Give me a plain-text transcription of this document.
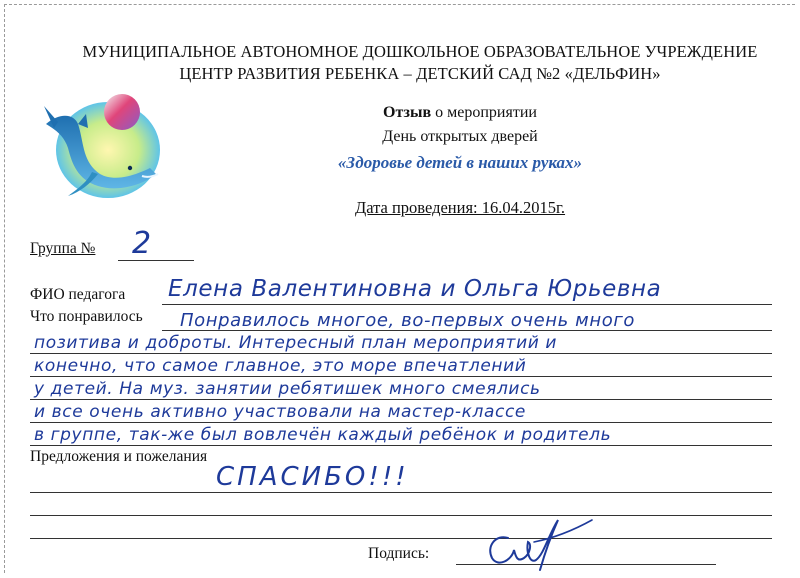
МУНИЦИПАЛЬНОЕ АВТОНОМНОЕ ДОШКОЛЬНОЕ ОБРАЗОВАТЕЛЬНОЕ УЧРЕЖДЕНИЕ
ЦЕНТР РАЗВИТИЯ РЕБЕНКА – ДЕТСКИЙ САД №2 «ДЕЛЬФИН»
Отзыв о мероприятии
День открытых дверей
«Здоровье детей в наших руках»
Дата проведения: 16.04.2015г.
Группа № 2
ФИО педагога Елена Валентиновна и Ольга Юрьевна
Что понравилось Понравилось многое, во-первых очень много
позитива и доброты. Интересный план мероприятий и
конечно, что самое главное, это море впечатлений
у детей. На муз. занятии ребятишек много смеялись
и все очень активно участвовали на мастер-классе
в группе, так-же был вовлечён каждый ребёнок и родитель
Предложения и пожелания
СПАСИБО!!!
Подпись:
